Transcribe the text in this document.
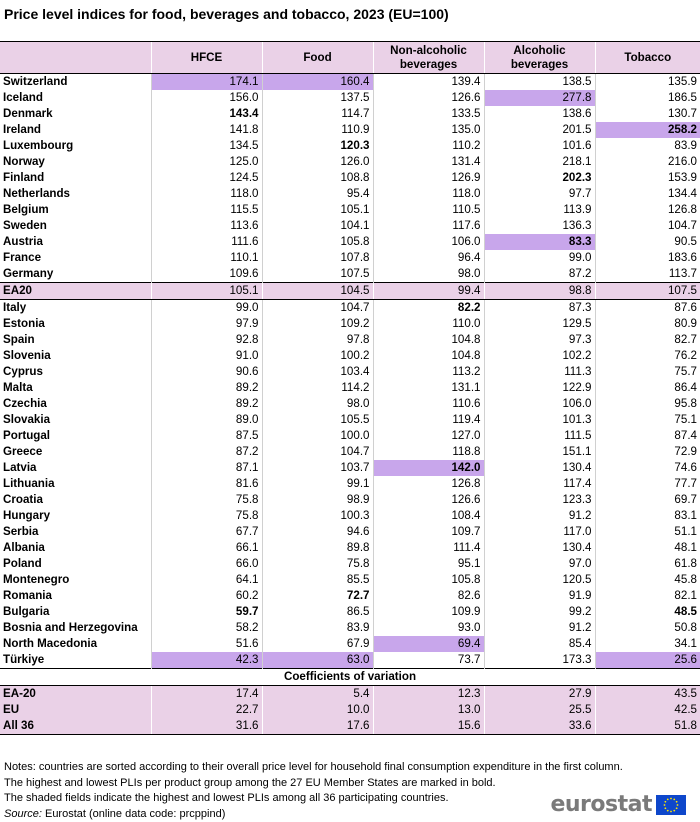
Price level indices for food, beverages and tobacco, 2023 (EU=100)
	HFCE	Food	Non-alcoholic beverages	Alcoholic beverages	Tobacco
Switzerland	174.1	160.4	139.4	138.5	135.9
Iceland	156.0	137.5	126.6	277.8	186.5
Denmark	143.4	114.7	133.5	138.6	130.7
Ireland	141.8	110.9	135.0	201.5	258.2
Luxembourg	134.5	120.3	110.2	101.6	83.9
Norway	125.0	126.0	131.4	218.1	216.0
Finland	124.5	108.8	126.9	202.3	153.9
Netherlands	118.0	95.4	118.0	97.7	134.4
Belgium	115.5	105.1	110.5	113.9	126.8
Sweden	113.6	104.1	117.6	136.3	104.7
Austria	111.6	105.8	106.0	83.3	90.5
France	110.1	107.8	96.4	99.0	183.6
Germany	109.6	107.5	98.0	87.2	113.7
EA20	105.1	104.5	99.4	98.8	107.5
Italy	99.0	104.7	82.2	87.3	87.6
Estonia	97.9	109.2	110.0	129.5	80.9
Spain	92.8	97.8	104.8	97.3	82.7
Slovenia	91.0	100.2	104.8	102.2	76.2
Cyprus	90.6	103.4	113.2	111.3	75.7
Malta	89.2	114.2	131.1	122.9	86.4
Czechia	89.2	98.0	110.6	106.0	95.8
Slovakia	89.0	105.5	119.4	101.3	75.1
Portugal	87.5	100.0	127.0	111.5	87.4
Greece	87.2	104.7	118.8	151.1	72.9
Latvia	87.1	103.7	142.0	130.4	74.6
Lithuania	81.6	99.1	126.8	117.4	77.7
Croatia	75.8	98.9	126.6	123.3	69.7
Hungary	75.8	100.3	108.4	91.2	83.1
Serbia	67.7	94.6	109.7	117.0	51.1
Albania	66.1	89.8	111.4	130.4	48.1
Poland	66.0	75.8	95.1	97.0	61.8
Montenegro	64.1	85.5	105.8	120.5	45.8
Romania	60.2	72.7	82.6	91.9	82.1
Bulgaria	59.7	86.5	109.9	99.2	48.5
Bosnia and Herzegovina	58.2	83.9	93.0	91.2	50.8
North Macedonia	51.6	67.9	69.4	85.4	34.1
Türkiye	42.3	63.0	73.7	173.3	25.6
Coefficients of variation					
EA-20	17.4	5.4	12.3	27.9	43.5
EU	22.7	10.0	13.0	25.5	42.5
All 36	31.6	17.6	15.6	33.6	51.8

Notes: countries are sorted according to their overall price level for household final consumption expenditure in the first column.

The highest and lowest PLIs per product group among the 27 EU Member States are marked in bold.

The shaded fields indicate the highest and lowest PLIs among all 36 participating countries.

Source: Eurostat (online data code: prcppind)	eurostat
